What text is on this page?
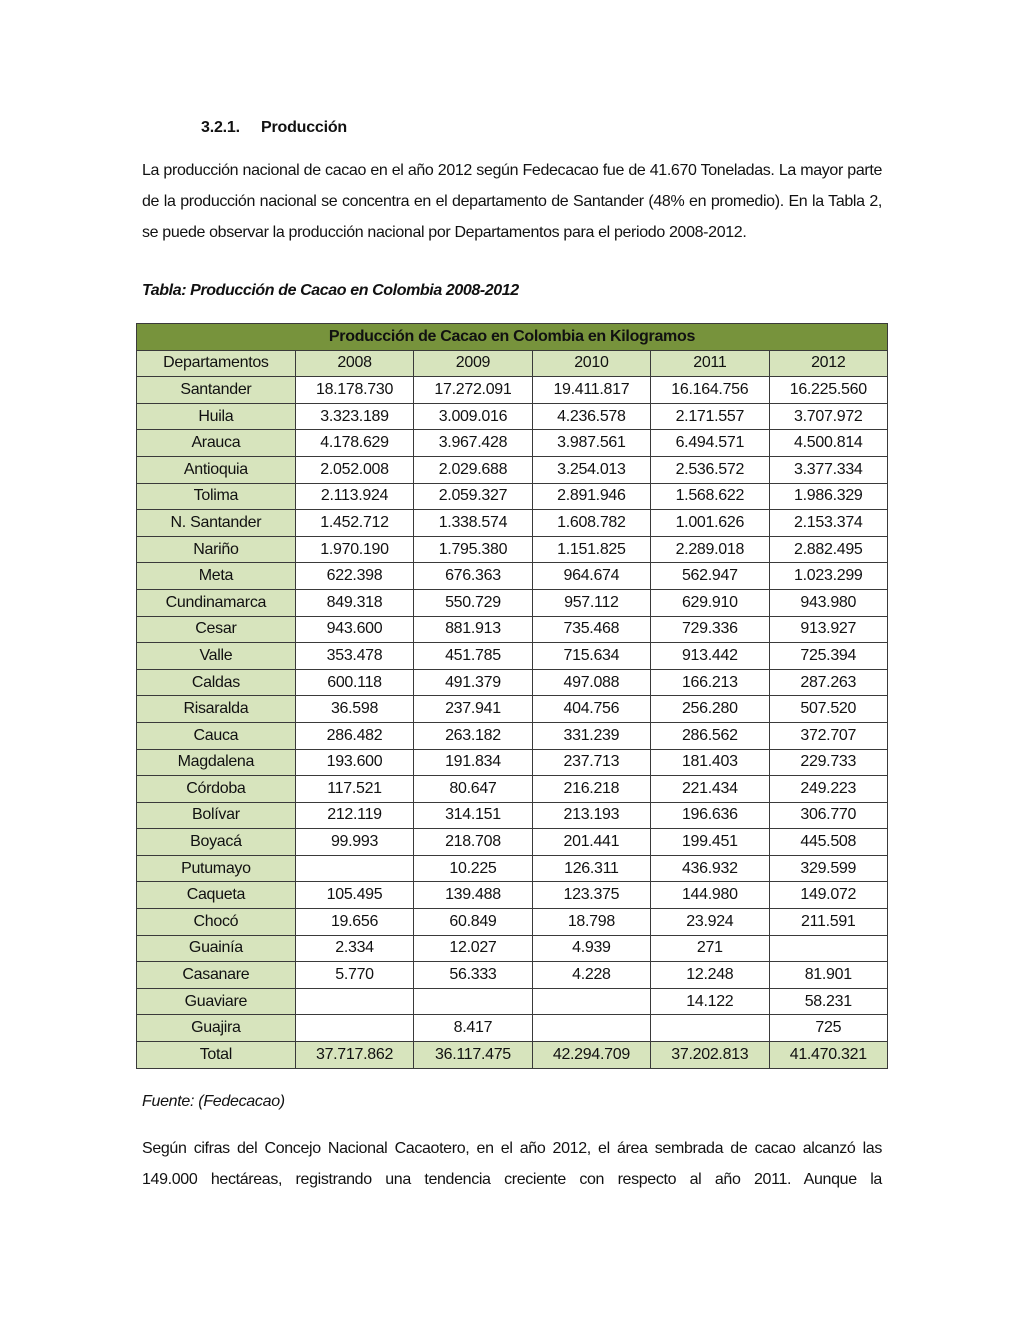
3.2.1. Producción
La producción nacional de cacao en el año 2012 según Fedecacao fue de 41.670 Toneladas. La mayor parte de la producción nacional se concentra en el departamento de Santander (48% en promedio). En la Tabla 2, se puede observar la producción nacional por Departamentos para el periodo 2008-2012.
Tabla: Producción de Cacao en Colombia 2008-2012
Producción de Cacao en Colombia en Kilogramos					
Departamentos	2008	2009	2010	2011	2012
Santander	18.178.730	17.272.091	19.411.817	16.164.756	16.225.560
Huila	3.323.189	3.009.016	4.236.578	2.171.557	3.707.972
Arauca	4.178.629	3.967.428	3.987.561	6.494.571	4.500.814
Antioquia	2.052.008	2.029.688	3.254.013	2.536.572	3.377.334
Tolima	2.113.924	2.059.327	2.891.946	1.568.622	1.986.329
N. Santander	1.452.712	1.338.574	1.608.782	1.001.626	2.153.374
Nariño	1.970.190	1.795.380	1.151.825	2.289.018	2.882.495
Meta	622.398	676.363	964.674	562.947	1.023.299
Cundinamarca	849.318	550.729	957.112	629.910	943.980
Cesar	943.600	881.913	735.468	729.336	913.927
Valle	353.478	451.785	715.634	913.442	725.394
Caldas	600.118	491.379	497.088	166.213	287.263
Risaralda	36.598	237.941	404.756	256.280	507.520
Cauca	286.482	263.182	331.239	286.562	372.707
Magdalena	193.600	191.834	237.713	181.403	229.733
Córdoba	117.521	80.647	216.218	221.434	249.223
Bolívar	212.119	314.151	213.193	196.636	306.770
Boyacá	99.993	218.708	201.441	199.451	445.508
Putumayo		10.225	126.311	436.932	329.599
Caqueta	105.495	139.488	123.375	144.980	149.072
Chocó	19.656	60.849	18.798	23.924	211.591
Guainía	2.334	12.027	4.939	271	
Casanare	5.770	56.333	4.228	12.248	81.901
Guaviare				14.122	58.231
Guajira		8.417			725
Total	37.717.862	36.117.475	42.294.709	37.202.813	41.470.321
Fuente: (Fedecacao)
Según cifras del Concejo Nacional Cacaotero, en el año 2012, el área sembrada de cacao alcanzó las 149.000 hectáreas, registrando una tendencia creciente con respecto al año 2011. Aunque la
